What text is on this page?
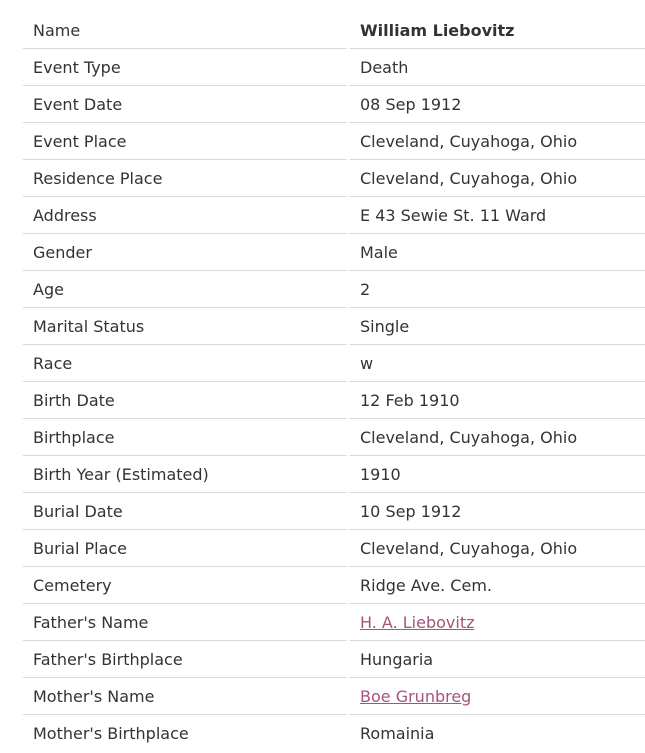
Name	William Liebovitz
Event Type	Death
Event Date	08 Sep 1912
Event Place	Cleveland, Cuyahoga, Ohio
Residence Place	Cleveland, Cuyahoga, Ohio
Address	E 43 Sewie St. 11 Ward
Gender	Male
Age	2
Marital Status	Single
Race	w
Birth Date	12 Feb 1910
Birthplace	Cleveland, Cuyahoga, Ohio
Birth Year (Estimated)	1910
Burial Date	10 Sep 1912
Burial Place	Cleveland, Cuyahoga, Ohio
Cemetery	Ridge Ave. Cem.
Father's Name	H. A. Liebovitz
Father's Birthplace	Hungaria
Mother's Name	Boe Grunbreg
Mother's Birthplace	Romainia
